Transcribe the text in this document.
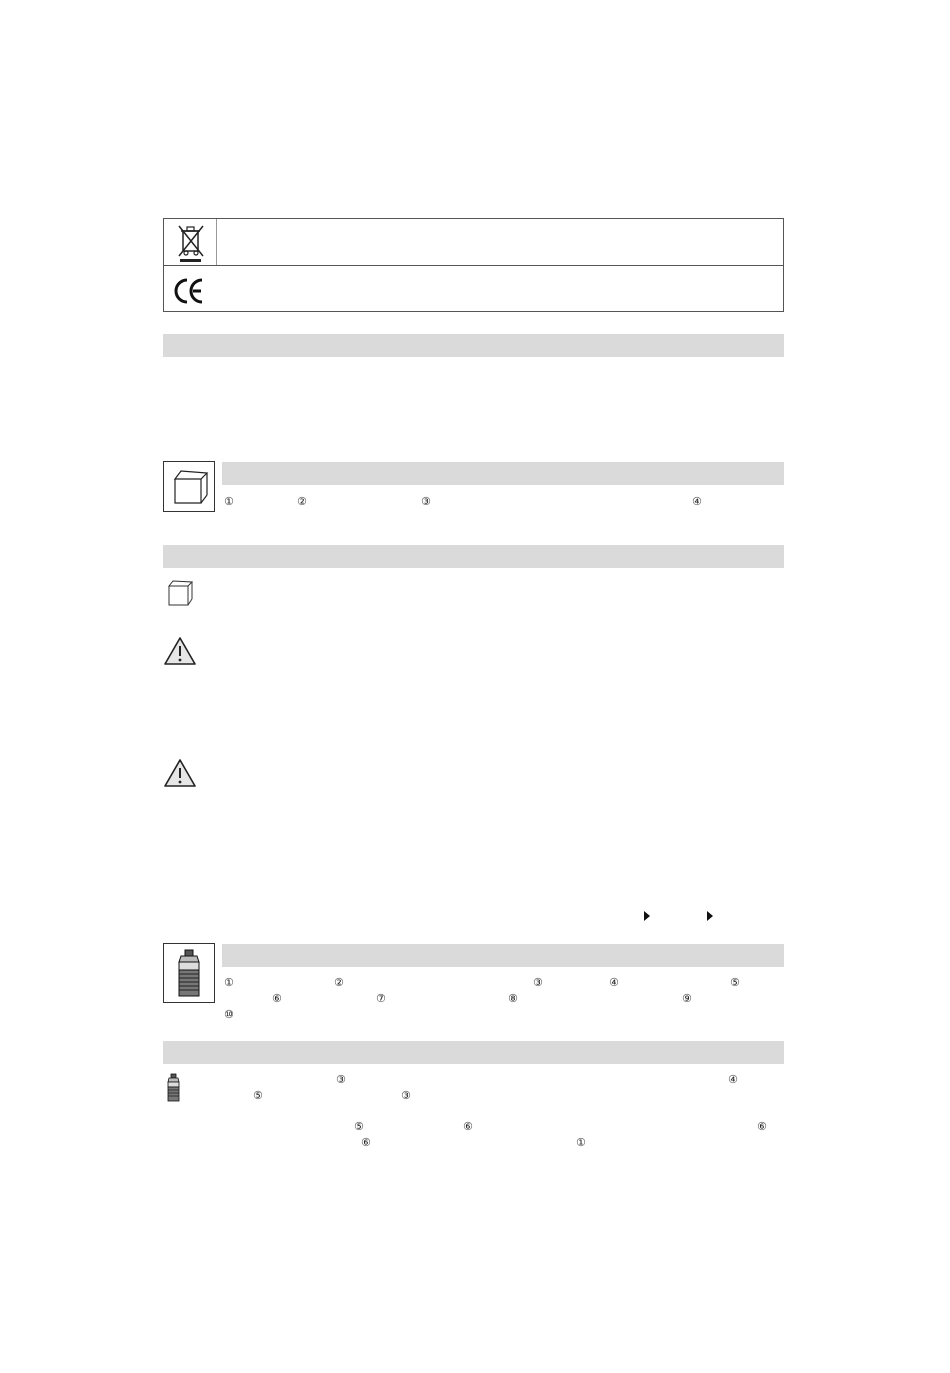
①	②	③	④
①	②	③	④	⑤
⑥	⑦	⑧	⑨
⑩
③	④
⑤	③
⑤	⑥	⑥
⑥	①
